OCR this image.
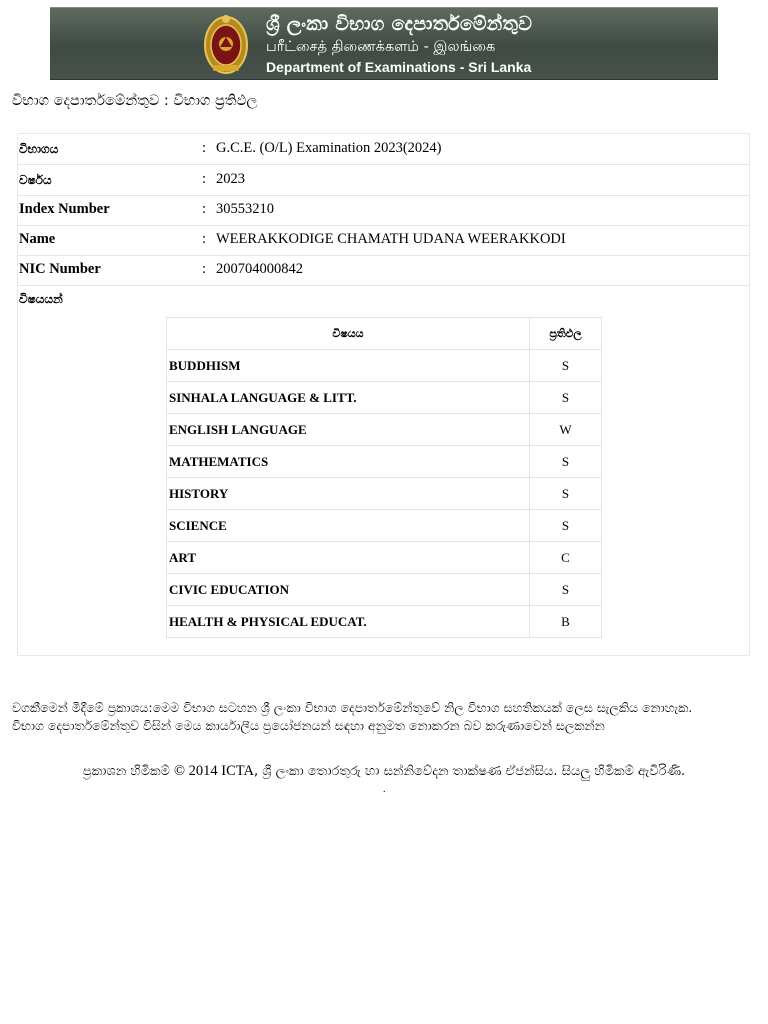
ශ්‍රී ලංකා විභාග දෙපාර්තමේන්තුව
பரீட்சைத் திணைக்களம் - இலங்கை
Department of Examinations - Sri Lanka
විභාග දෙපාර්තමේන්තුව : විභාග ප්‍රතිඵල
විභාගය	: G.C.E. (O/L) Examination 2023(2024)
වර්ෂය	: 2023
Index Number	: 30553210
Name	: WEERAKKODIGE CHAMATH UDANA WEERAKKODI
NIC Number	: 200704000842
විෂයයන්
විෂයය	ප්‍රතිඵල
BUDDHISM	S
SINHALA LANGUAGE & LITT.	S
ENGLISH LANGUAGE	W
MATHEMATICS	S
HISTORY	S
SCIENCE	S
ART	C
CIVIC EDUCATION	S
HEALTH & PHYSICAL EDUCAT.	B
වගකීමෙන් මිදීමේ ප්‍රකාශය:මෙම විභාග සටහන ශ්‍රී ලංකා විභාග දෙපාර්තමේන්තුවේ නිල විභාග සහතිකයක් ලෙස සැලකිය නොහැක.
විභාග දෙපාර්තමේන්තුව විසින් මෙය කාර්යාලීය ප්‍රයෝජනයන් සඳහා අනුමත නොකරන බව කරුණාවෙන් සලකන්න
ප්‍රකාශන හිමිකම් © 2014 ICTA, ශ්‍රී ලංකා තොරතුරු හා සන්නිවේදන තාක්ෂණ ඒජන්සිය. සියලු හිමිකම් ඇවිරිණි.
.
